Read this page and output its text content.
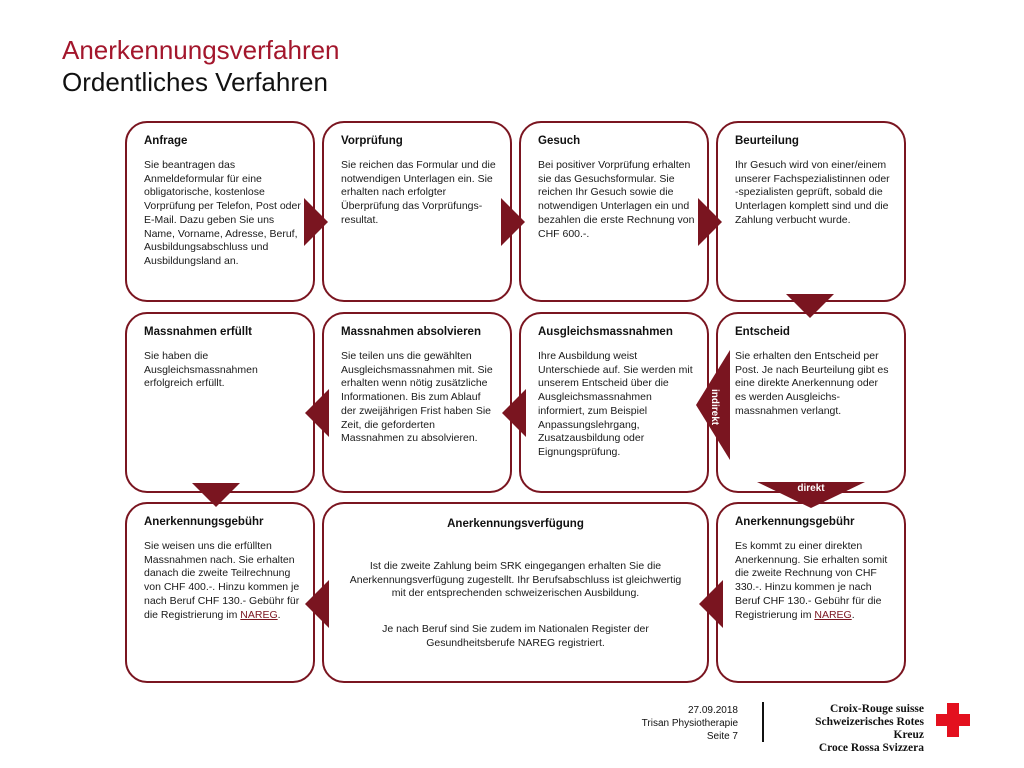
Anerkennungsverfahren
Ordentliches Verfahren
Anfrage
Sie beantragen das Anmeldeformular für eine obligatorische, kostenlose Vorprüfung per Telefon, Post oder E-Mail. Dazu geben Sie uns Name, Vorname, Adresse, Beruf, Ausbildungsabschluss und Ausbildungsland an.
Vorprüfung
Sie reichen das Formular und die notwendigen Unterlagen ein. Sie erhalten nach erfolgter Überprüfung das Vorprüfungs-resultat.
Gesuch
Bei positiver Vorprüfung erhalten sie das Gesuchsformular. Sie reichen Ihr Gesuch sowie die notwendigen Unterlagen ein und bezahlen die erste Rechnung von CHF 600.-.
Beurteilung
Ihr Gesuch wird von einer/einem unserer Fachspezialistinnen oder -spezialisten geprüft, sobald die Unterlagen komplett sind und die Zahlung verbucht wurde.
Massnahmen erfüllt
Sie haben die Ausgleichsmassnahmen erfolgreich erfüllt.
Massnahmen absolvieren
Sie teilen uns die gewählten Ausgleichsmassnahmen mit. Sie erhalten wenn nötig zusätzliche Informationen. Bis zum Ablauf der zweijährigen Frist haben Sie Zeit, die geforderten Massnahmen zu absolvieren.
Ausgleichsmassnahmen
Ihre Ausbildung weist Unterschiede auf. Sie werden mit unserem Entscheid über die Ausgleichsmassnahmen informiert, zum Beispiel Anpassungslehrgang, Zusatzausbildung oder Eignungsprüfung.
Entscheid
Sie erhalten den Entscheid per Post. Je nach Beurteilung gibt es eine direkte Anerkennung oder es werden Ausgleichs-massnahmen verlangt.
Anerkennungsgebühr
Sie weisen uns die erfüllten Massnahmen nach. Sie erhalten danach die zweite Teilrechnung von CHF 400.-. Hinzu kommen je nach Beruf CHF 130.- Gebühr für die Registrierung im NAREG.
Anerkennungsverfügung
Ist die zweite Zahlung beim SRK eingegangen erhalten Sie die Anerkennungsverfügung zugestellt. Ihr Berufsabschluss ist gleichwertig mit der entsprechenden schweizerischen Ausbildung.
Je nach Beruf sind Sie zudem im Nationalen Register der Gesundheitsberufe NAREG registriert.
Anerkennungsgebühr
Es kommt zu einer direkten Anerkennung. Sie erhalten somit die zweite Rechnung von CHF 330.-. Hinzu kommen je nach Beruf CHF 130.- Gebühr für die Registrierung im NAREG.
indirekt
direkt
27.09.2018
Trisan Physiotherapie
Seite 7
Croix-Rouge suisse
Schweizerisches Rotes Kreuz
Croce Rossa Svizzera
